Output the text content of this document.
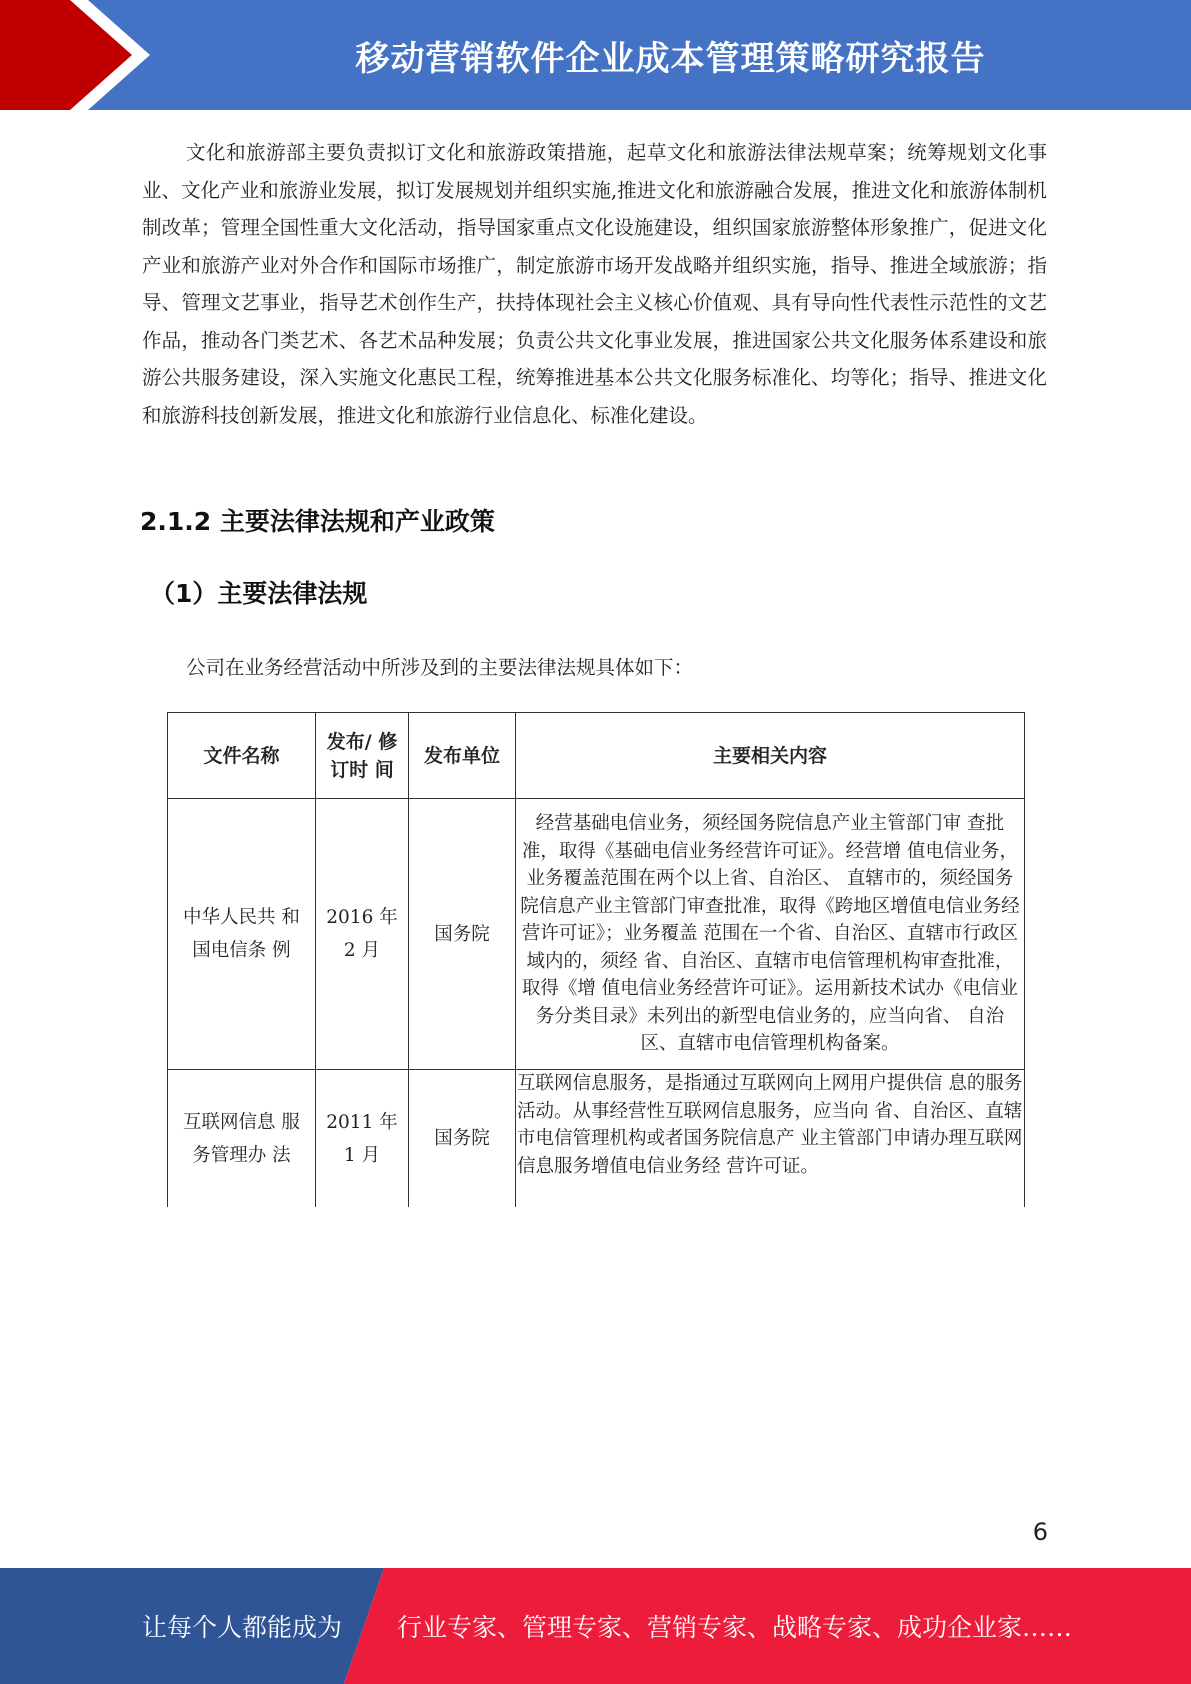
移动营销软件企业成本管理策略研究报告

文化和旅游部主要负责拟订文化和旅游政策措施，起草文化和旅游法律法规草案；统筹规划文化事业、文化产业和旅游业发展，拟订发展规划并组织实施,推进文化和旅游融合发展，推进文化和旅游体制机制改革；管理全国性重大文化活动，指导国家重点文化设施建设，组织国家旅游整体形象推广，促进文化产业和旅游产业对外合作和国际市场推广，制定旅游市场开发战略并组织实施，指导、推进全域旅游；指导、管理文艺事业，指导艺术创作生产，扶持体现社会主义核心价值观、具有导向性代表性示范性的文艺作品，推动各门类艺术、各艺术品种发展；负责公共文化事业发展，推进国家公共文化服务体系建设和旅游公共服务建设，深入实施文化惠民工程，统筹推进基本公共文化服务标准化、均等化；指导、推进文化和旅游科技创新发展，推进文化和旅游行业信息化、标准化建设。

2.1.2 主要法律法规和产业政策
（1）主要法律法规

公司在业务经营活动中所涉及到的主要法律法规具体如下：

文件名称	发布/ 修订时 间	发布单位	主要相关内容
中华人民共 和国电信条 例	2016 年 2 月	国务院	经营基础电信业务，须经国务院信息产业主管部门审 查批准，取得《基础电信业务经营许可证》。经营增 值电信业务，业务覆盖范围在两个以上省、自治区、 直辖市的，须经国务院信息产业主管部门审查批准，取得《跨地区增值电信业务经营许可证》；业务覆盖 范围在一个省、自治区、直辖市行政区域内的，须经 省、自治区、直辖市电信管理机构审查批准，取得《增 值电信业务经营许可证》。运用新技术试办《电信业 务分类目录》未列出的新型电信业务的，应当向省、 自治区、直辖市电信管理机构备案。
互联网信息 服务管理办 法	2011 年 1 月	国务院	互联网信息服务，是指通过互联网向上网用户提供信 息的服务活动。从事经营性互联网信息服务，应当向 省、自治区、直辖市电信管理机构或者国务院信息产 业主管部门申请办理互联网信息服务增值电信业务经 营许可证。
6
让每个人都能成为 行业专家、管理专家、营销专家、战略专家、成功企业家……
